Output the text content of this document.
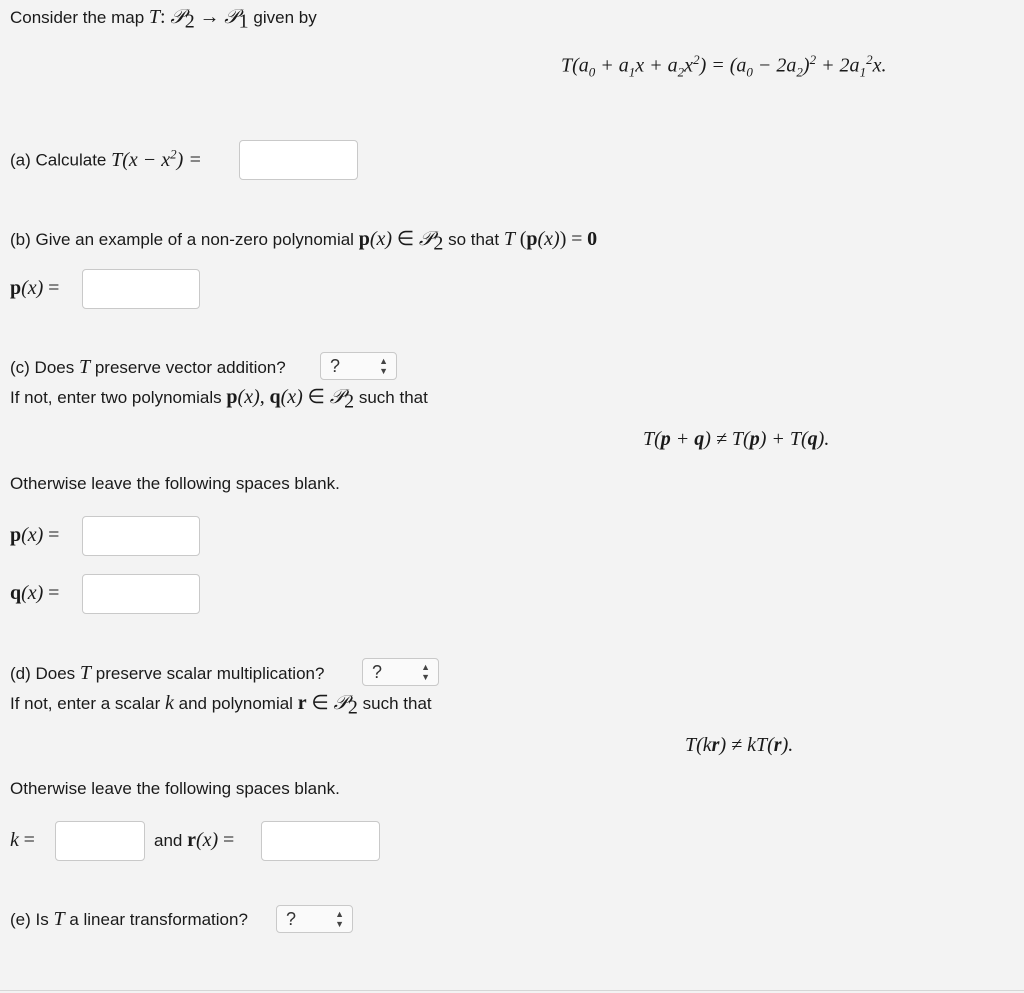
Consider the map T: 𝒫$_2$ → 𝒫$_1$ given by
$T(a_0 + a_1x + a_2x^2) = (a_0 - 2a_2)^2 + 2a_1^2x$.
(a) Calculate $T(x - x^2)$ =
(b) Give an example of a non-zero polynomial p(x) ∈ 𝒫$_2$ so that T (p(x)) = 0
p(x) =
(c) Does T preserve vector addition? ?	▲
▼
If not, enter two polynomials p(x), q(x) ∈ 𝒫$_2$ such that
T(p + q) ≠ T(p) + T(q).
Otherwise leave the following spaces blank.
p(x) =
q(x) =
(d) Does T preserve scalar multiplication?	?	▲
▼
If not, enter a scalar k and polynomial r ∈ 𝒫$_2$ such that
T(kr) ≠ kT(r).
Otherwise leave the following spaces blank.
k =	and r(x) =
(e) Is T a linear transformation? ?	▲
▼
